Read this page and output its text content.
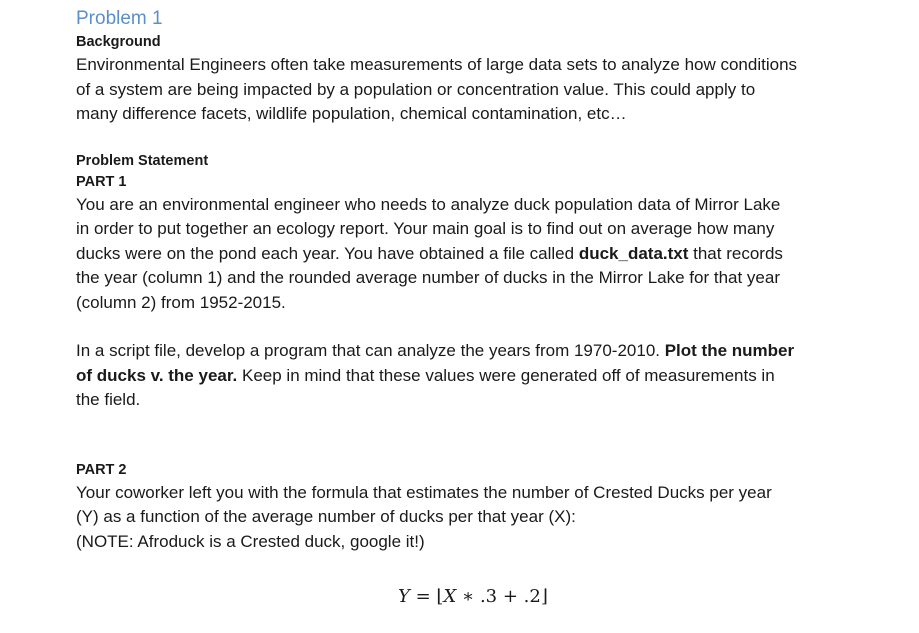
Problem 1

Background

Environmental Engineers often take measurements of large data sets to analyze how conditions
of a system are being impacted by a population or concentration value. This could apply to
many difference facets, wildlife population, chemical contamination, etc…

Problem Statement

PART 1

You are an environmental engineer who needs to analyze duck population data of Mirror Lake
in order to put together an ecology report. Your main goal is to find out on average how many
ducks were on the pond each year. You have obtained a file called duck_data.txt that records
the year (column 1) and the rounded average number of ducks in the Mirror Lake for that year
(column 2) from 1952-2015.

In a script file, develop a program that can analyze the years from 1970-2010. Plot the number
of ducks v. the year. Keep in mind that these values were generated off of measurements in
the field.

PART 2

Your coworker left you with the formula that estimates the number of Crested Ducks per year
(Y) as a function of the average number of ducks per that year (X):
(NOTE: Afroduck is a Crested duck, google it!)

Y = ⌊X ∗ .3 + .2⌋
